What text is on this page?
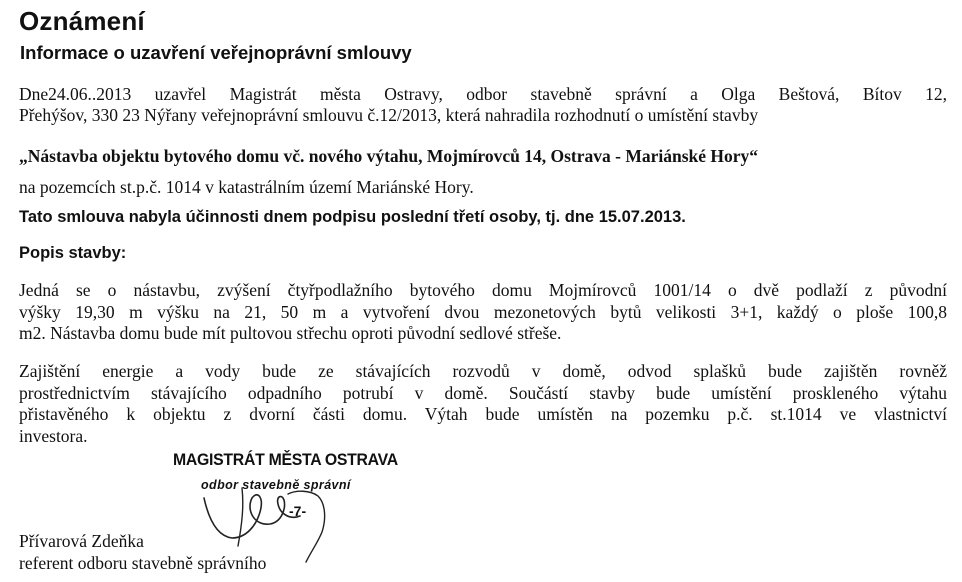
Oznámení
Informace o uzavření veřejnoprávní smlouvy
Dne24.06..2013 uzavřel Magistrát města Ostravy, odbor stavebně správní a Olga Beštová, Bítov 12,
Přehýšov, 330 23 Nýřany veřejnoprávní smlouvu č.12/2013, která nahradila rozhodnutí o umístění stavby
„Nástavba objektu bytového domu vč. nového výtahu, Mojmírovců 14, Ostrava - Mariánské Hory“
na pozemcích st.p.č. 1014 v katastrálním území Mariánské Hory.
Tato smlouva nabyla účinnosti dnem podpisu poslední třetí osoby, tj. dne 15.07.2013.
Popis stavby:
Jedná se o nástavbu, zvýšení čtyřpodlažního bytového domu Mojmírovců 1001/14 o dvě podlaží z původní
výšky 19,30 m výšku na 21, 50 m a vytvoření dvou mezonetových bytů velikosti 3+1, každý o ploše 100,8
m2. Nástavba domu bude mít pultovou střechu oproti původní sedlové střeše.
Zajištění energie a vody bude ze stávajících rozvodů v domě, odvod splašků bude zajištěn rovněž
prostřednictvím stávajícího odpadního potrubí v domě. Součástí stavby bude umístění proskleného výtahu
přistavěného k objektu z dvorní části domu. Výtah bude umístěn na pozemku p.č. st.1014 ve vlastnictví
investora.
MAGISTRÁT MĚSTA OSTRAVA
odbor stavebně správní
-7-
Přívarová Zdeňka
referent odboru stavebně správního
